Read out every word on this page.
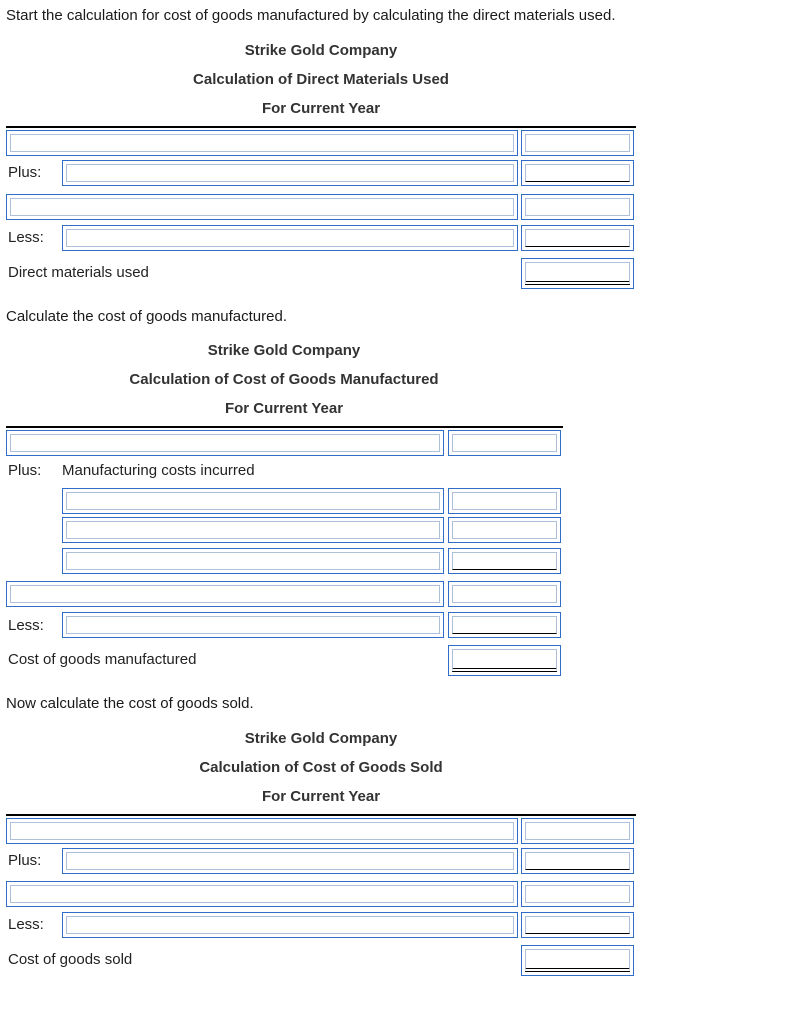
Start the calculation for cost of goods manufactured by calculating the direct materials used.
Strike Gold Company
Calculation of Direct Materials Used
For Current Year
Plus:
Less:
Direct materials used
Calculate the cost of goods manufactured.
Strike Gold Company
Calculation of Cost of Goods Manufactured
For Current Year
Plus: Manufacturing costs incurred
Less:
Cost of goods manufactured
Now calculate the cost of goods sold.
Strike Gold Company
Calculation of Cost of Goods Sold
For Current Year
Plus:
Less:
Cost of goods sold
